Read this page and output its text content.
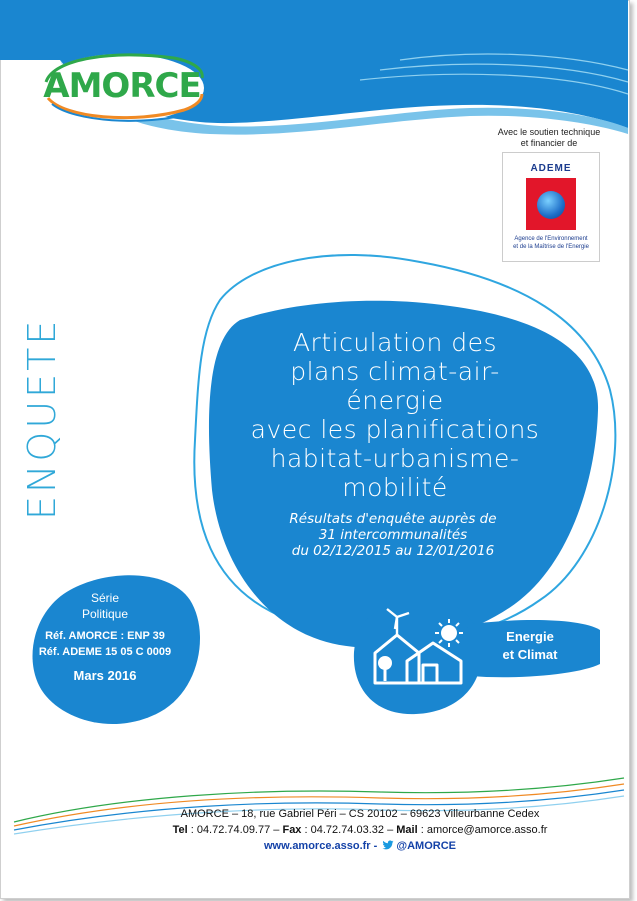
AMORCE
Avec le soutien technique
et financier de
ADEME
Agence de l'Environnement
et de la Maîtrise de l'Energie
ENQUETE	Articulation des
plans climat-air-
énergie
avec les planifications
habitat-urbanisme-
mobilité
Résultats d'enquête auprès de
31 intercommunalités
du 02/12/2015 au 12/01/2016
Série
Politique
Réf. AMORCE : ENP 39
Réf. ADEME 15 05 C 0009
Mars 2016
Energie
et Climat
AMORCE – 18, rue Gabriel Péri – CS 20102 – 69623 Villeurbanne Cedex
Tel : 04.72.74.09.77 – Fax : 04.72.74.03.32 – Mail : amorce@amorce.asso.fr
www.amorce.asso.fr - @AMORCE
